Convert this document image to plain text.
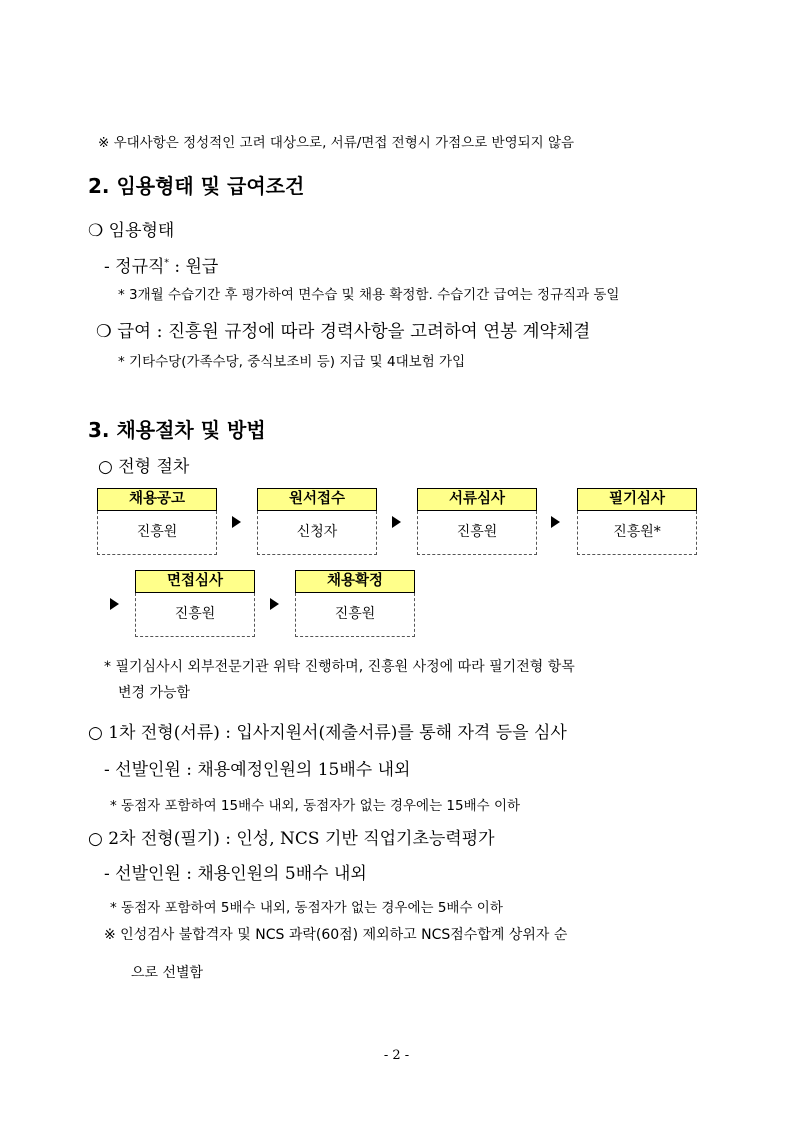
※ 우대사항은 정성적인 고려 대상으로, 서류/면접 전형시 가점으로 반영되지 않음
2. 임용형태 및 급여조건
❍ 임용형태
- 정규직* : 원급
* 3개월 수습기간 후 평가하여 면수습 및 채용 확정함. 수습기간 급여는 정규직과 동일
❍ 급여 : 진흥원 규정에 따라 경력사항을 고려하여 연봉 계약체결
* 기타수당(가족수당, 중식보조비 등) 지급 및 4대보험 가입
3. 채용절차 및 방법
○ 전형 절차
채용공고
진흥원
원서접수
신청자
서류심사
진흥원
필기심사
진흥원*
면접심사
진흥원
채용확정
진흥원
* 필기심사시 외부전문기관 위탁 진행하며, 진흥원 사정에 따라 필기전형 항목
변경 가능함
○ 1차 전형(서류) : 입사지원서(제출서류)를 통해 자격 등을 심사
- 선발인원 : 채용예정인원의 15배수 내외
* 동점자 포함하여 15배수 내외, 동점자가 없는 경우에는 15배수 이하
○ 2차 전형(필기) : 인성, NCS 기반 직업기초능력평가
- 선발인원 : 채용인원의 5배수 내외
* 동점자 포함하여 5배수 내외, 동점자가 없는 경우에는 5배수 이하
※ 인성검사 불합격자 및 NCS 과락(60점) 제외하고 NCS점수합계 상위자 순
으로 선별함
- 2 -
